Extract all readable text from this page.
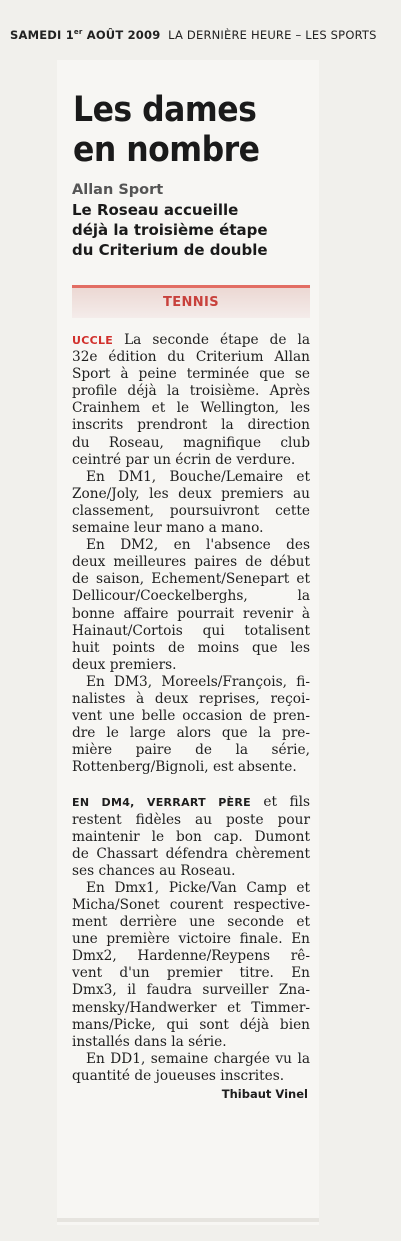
SAMEDI 1er AOÛT 2009 LA DERNIÈRE HEURE – LES SPORTS
Les dames
en nombre
Allan Sport
Le Roseau accueille
déjà la troisième étape
du Criterium de double
TENNIS

UCCLE La seconde étape de la
32e édition du Criterium Allan
Sport à peine terminée que se
profile déjà la troisième. Après
Crainhem et le Wellington, les
inscrits prendront la direction
du Roseau, magnifique club
ceintré par un écrin de verdure.

En DM1, Bouche/Lemaire et
Zone/Joly, les deux premiers au
classement, poursuivront cette
semaine leur mano a mano.

En DM2, en l'absence des
deux meilleures paires de début
de saison, Echement/Senepart et
Dellicour/Coeckelberghs, la
bonne affaire pourrait revenir à
Hainaut/Cortois qui totalisent
huit points de moins que les
deux premiers.

En DM3, Moreels/François, fi-
nalistes à deux reprises, reçoi-
vent une belle occasion de pren-
dre le large alors que la pre-
mière paire de la série,
Rottenberg/Bignoli, est absente.

EN DM4, VERRART PÈRE et fils
restent fidèles au poste pour
maintenir le bon cap. Dumont
de Chassart défendra chèrement
ses chances au Roseau.

En Dmx1, Picke/Van Camp et
Micha/Sonet courent respective-
ment derrière une seconde et
une première victoire finale. En
Dmx2, Hardenne/Reypens rê-
vent d'un premier titre. En
Dmx3, il faudra surveiller Zna-
mensky/Handwerker et Timmer-
mans/Picke, qui sont déjà bien
installés dans la série.

En DD1, semaine chargée vu la
quantité de joueuses inscrites.

Thibaut Vinel
